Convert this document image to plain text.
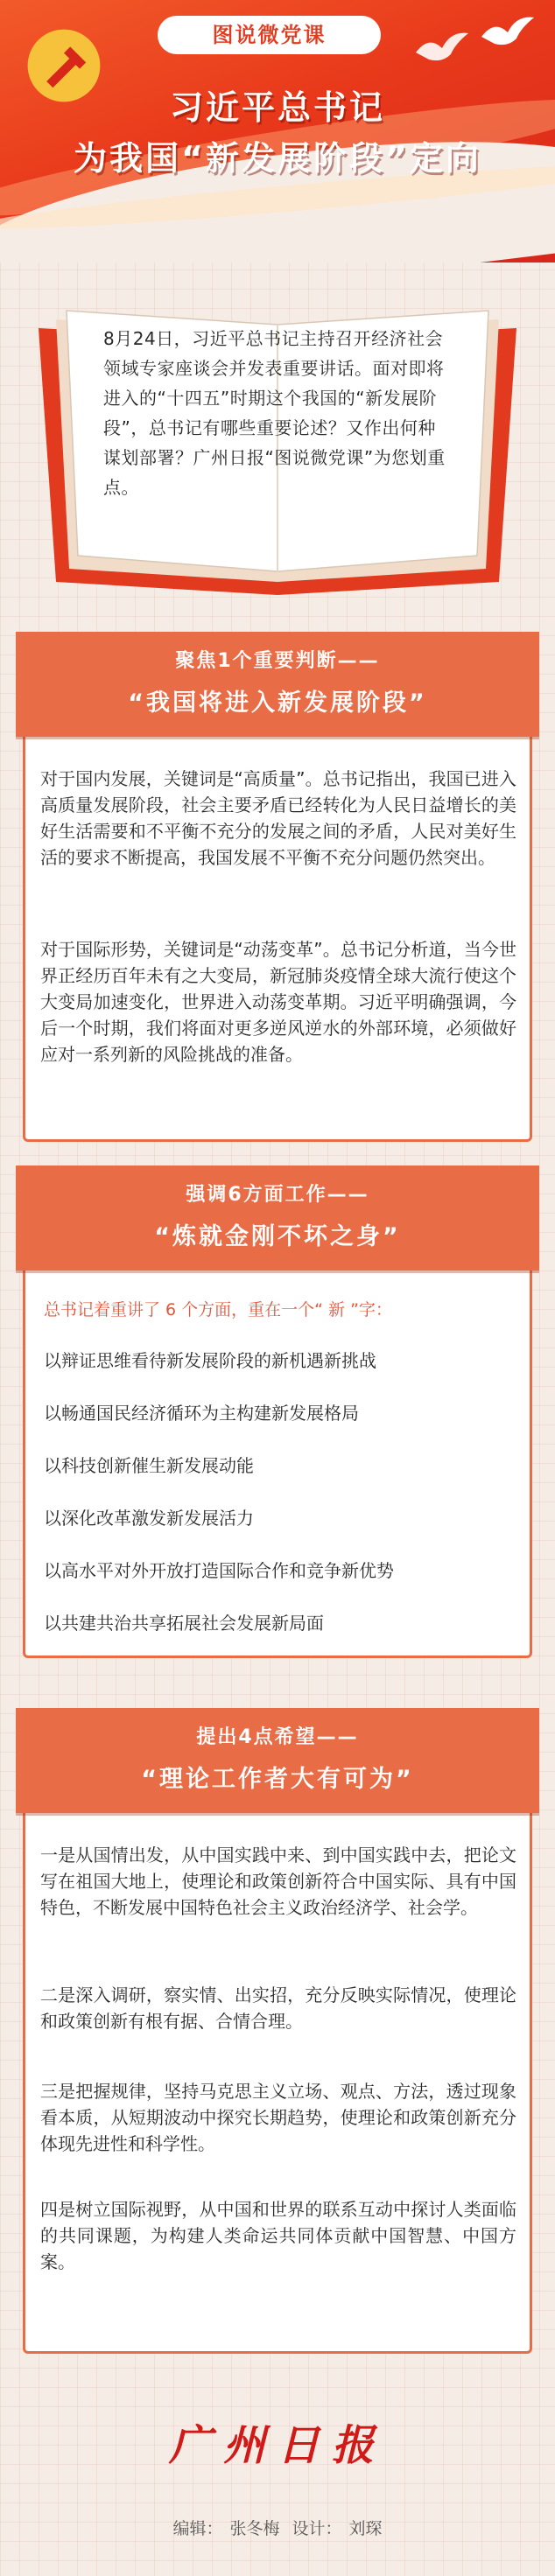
图说微党课
习近平总书记
为我国“新发展阶段”定向
8月24日，习近平总书记主持召开经济社会领域专家座谈会并发表重要讲话。面对即将进入的“十四五”时期这个我国的“新发展阶段”，总书记有哪些重要论述？又作出何种谋划部署？广州日报“图说微党课”为您划重点。
聚焦1个重要判断——
“我国将进入新发展阶段”
对于国内发展，关键词是“高质量”。总书记指出，我国已进入高质量发展阶段，社会主要矛盾已经转化为人民日益增长的美好生活需要和不平衡不充分的发展之间的矛盾，人民对美好生活的要求不断提高，我国发展不平衡不充分问题仍然突出。
对于国际形势，关键词是“动荡变革”。总书记分析道，当今世界正经历百年未有之大变局，新冠肺炎疫情全球大流行使这个大变局加速变化，世界进入动荡变革期。习近平明确强调，今后一个时期，我们将面对更多逆风逆水的外部环境，必须做好应对一系列新的风险挑战的准备。
强调6方面工作——
“炼就金刚不坏之身”
总书记着重讲了 6 个方面，重在一个“ 新 ”字：
以辩证思维看待新发展阶段的新机遇新挑战
以畅通国民经济循环为主构建新发展格局
以科技创新催生新发展动能
以深化改革激发新发展活力
以高水平对外开放打造国际合作和竞争新优势
以共建共治共享拓展社会发展新局面
提出4点希望——
“理论工作者大有可为”
一是从国情出发，从中国实践中来、到中国实践中去，把论文写在祖国大地上，使理论和政策创新符合中国实际、具有中国特色，不断发展中国特色社会主义政治经济学、社会学。
二是深入调研，察实情、出实招，充分反映实际情况，使理论和政策创新有根有据、合情合理。
三是把握规律，坚持马克思主义立场、观点、方法，透过现象看本质，从短期波动中探究长期趋势，使理论和政策创新充分体现先进性和科学性。
四是树立国际视野，从中国和世界的联系互动中探讨人类面临的共同课题，为构建人类命运共同体贡献中国智慧、中国方案。
广州日报
编辑： 张冬梅 设计： 刘琛
